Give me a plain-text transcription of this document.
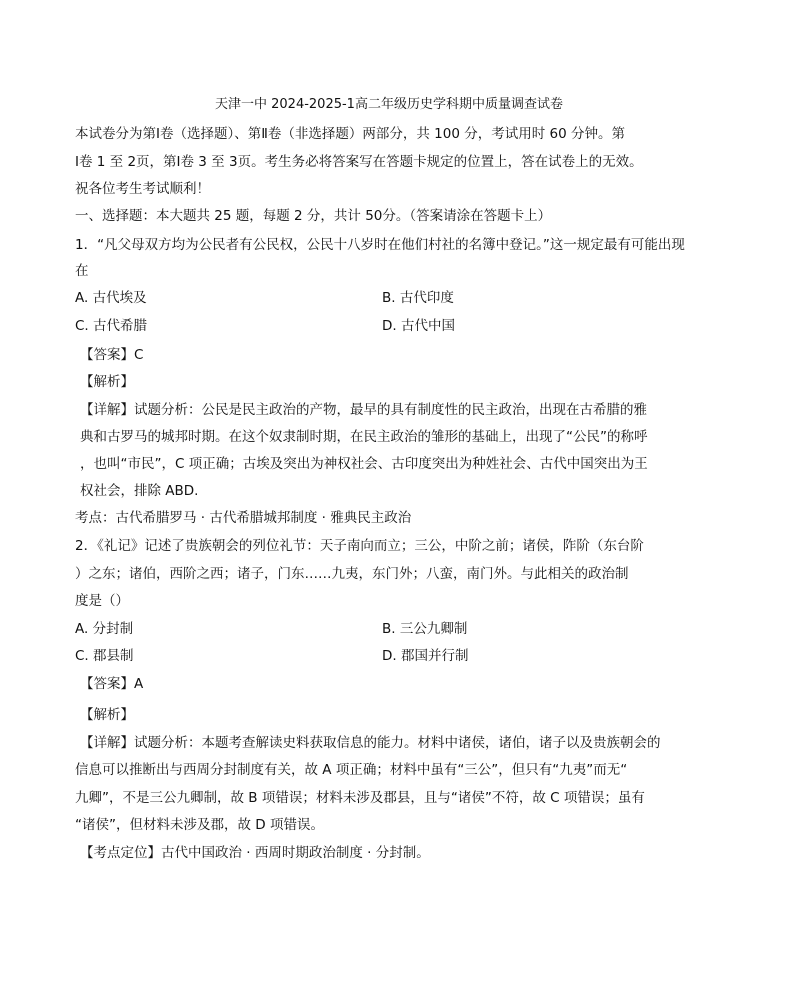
天津一中 2024-2025-1高二年级历史学科期中质量调查试卷
本试卷分为第Ⅰ卷（选择题）、第Ⅱ卷（非选择题）两部分，共 100 分，考试用时 60 分钟。第
Ⅰ卷 1 至 2页，第Ⅰ卷 3 至 3页。考生务必将答案写在答题卡规定的位置上，答在试卷上的无效。
祝各位考生考试顺利！
一、选择题：本大题共 25 题，每题 2 分，共计 50分。（答案请涂在答题卡上）
1．“凡父母双方均为公民者有公民权，公民十八岁时在他们村社的名簿中登记。”这一规定最有可能出现
在
A. 古代埃及	B. 古代印度
C. 古代希腊	D. 古代中国
【答案】C
【解析】
【详解】试题分析：公民是民主政治的产物，最早的具有制度性的民主政治，出现在古希腊的雅
典和古罗马的城邦时期。在这个奴隶制时期，在民主政治的雏形的基础上，出现了“公民”的称呼
，也叫“市民”，C 项正确；古埃及突出为神权社会、古印度突出为种姓社会、古代中国突出为王
权社会，排除 ABD.
考点：古代希腊罗马 · 古代希腊城邦制度 · 雅典民主政治
2．《礼记》记述了贵族朝会的列位礼节：天子南向而立；三公，中阶之前；诸侯，阼阶（东台阶
）之东；诸伯，西阶之西；诸子，门东……九夷，东门外；八蛮，南门外。与此相关的政治制
度是（）
A. 分封制	B. 三公九卿制
C. 郡县制	D. 郡国并行制
【答案】A
【解析】
【详解】试题分析：本题考查解读史料获取信息的能力。材料中诸侯，诸伯，诸子以及贵族朝会的
信息可以推断出与西周分封制度有关，故 A 项正确；材料中虽有“三公”，但只有“九夷”而无“
九卿”，不是三公九卿制，故 B 项错误；材料未涉及郡县，且与“诸侯”不符，故 C 项错误；虽有
“诸侯”，但材料未涉及郡，故 D 项错误。
【考点定位】古代中国政治 · 西周时期政治制度 · 分封制。
